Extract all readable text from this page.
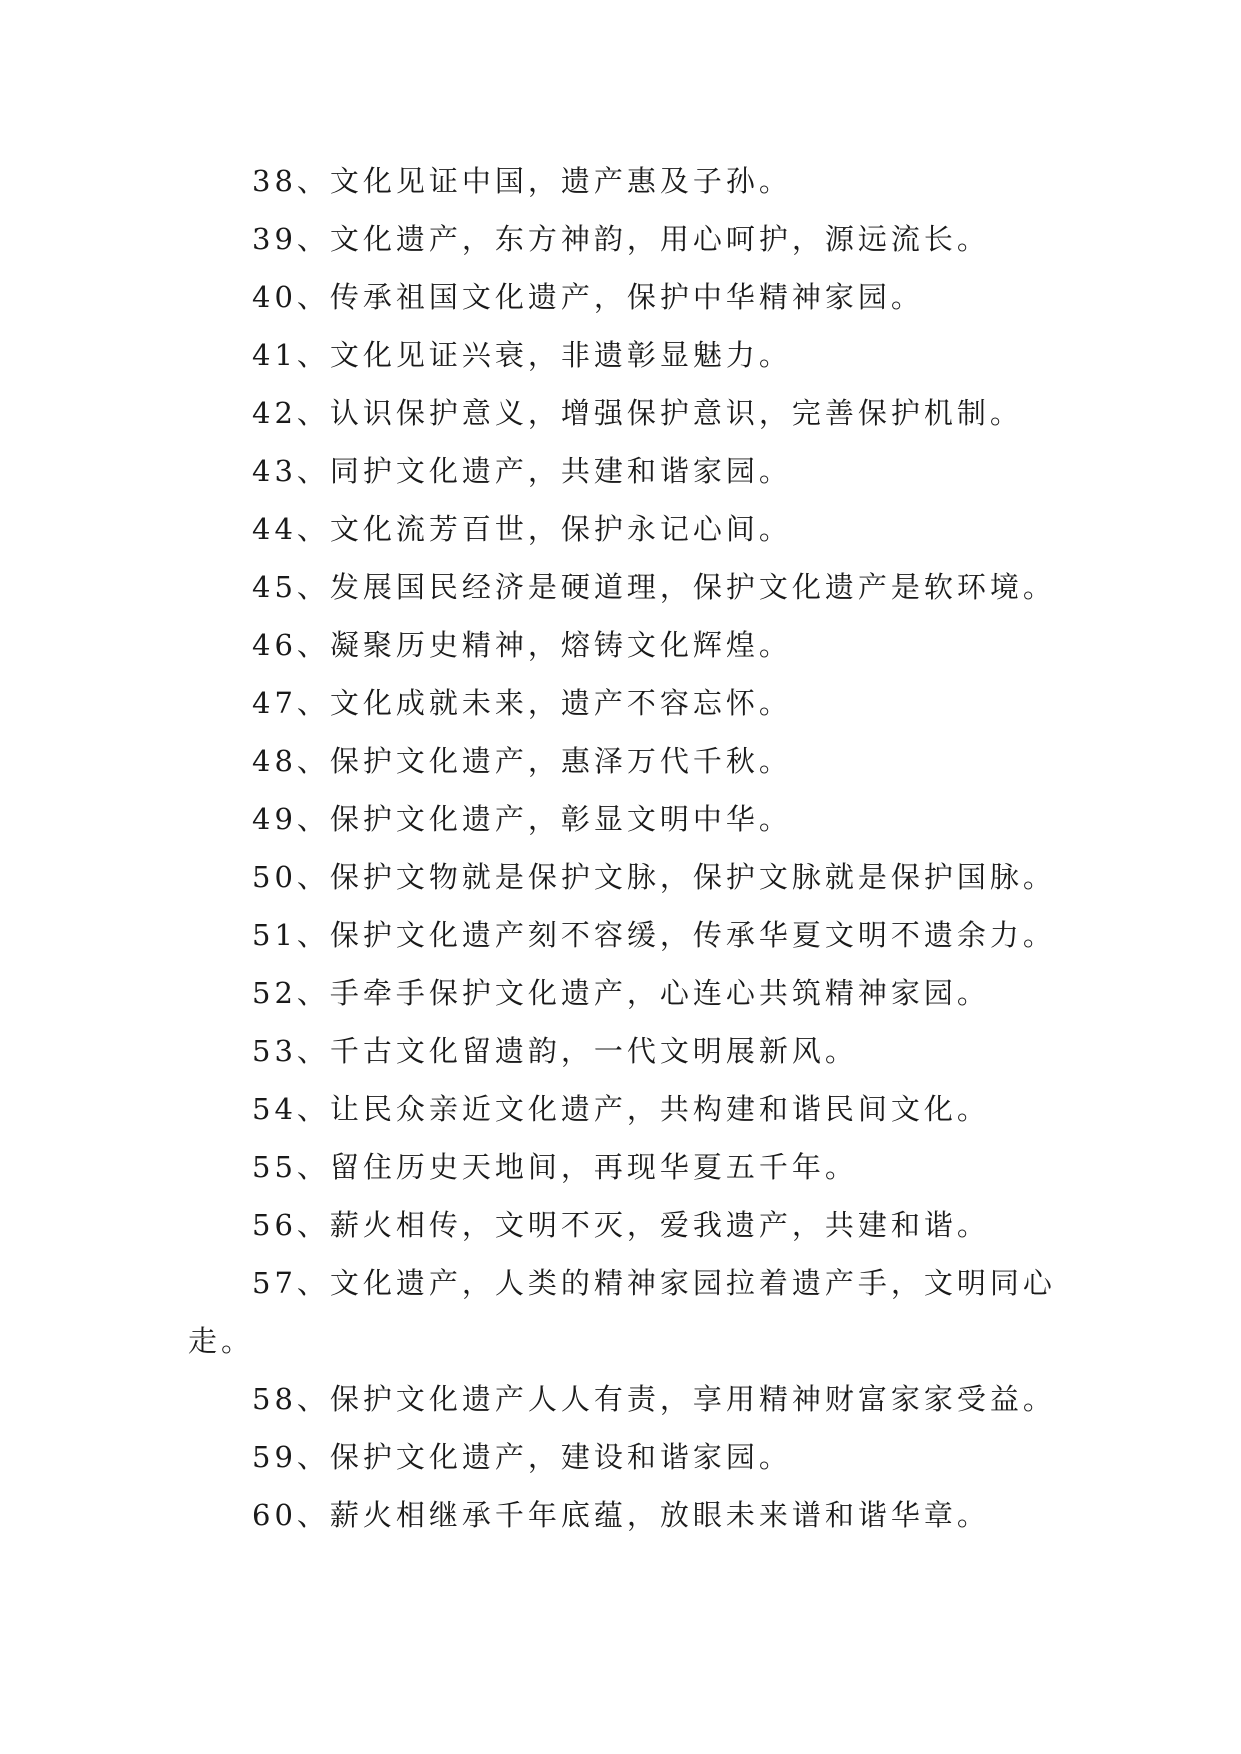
38、文化见证中国，遗产惠及子孙。
39、文化遗产，东方神韵，用心呵护，源远流长。
40、传承祖国文化遗产，保护中华精神家园。
41、文化见证兴衰，非遗彰显魅力。
42、认识保护意义，增强保护意识，完善保护机制。
43、同护文化遗产，共建和谐家园。
44、文化流芳百世，保护永记心间。
45、发展国民经济是硬道理，保护文化遗产是软环境。
46、凝聚历史精神，熔铸文化辉煌。
47、文化成就未来，遗产不容忘怀。
48、保护文化遗产，惠泽万代千秋。
49、保护文化遗产，彰显文明中华。
50、保护文物就是保护文脉，保护文脉就是保护国脉。
51、保护文化遗产刻不容缓，传承华夏文明不遗余力。
52、手牵手保护文化遗产，心连心共筑精神家园。
53、千古文化留遗韵，一代文明展新风。
54、让民众亲近文化遗产，共构建和谐民间文化。
55、留住历史天地间，再现华夏五千年。
56、薪火相传，文明不灭，爱我遗产，共建和谐。
57、文化遗产，人类的精神家园拉着遗产手，文明同心
走。
58、保护文化遗产人人有责，享用精神财富家家受益。
59、保护文化遗产，建设和谐家园。
60、薪火相继承千年底蕴，放眼未来谱和谐华章。
